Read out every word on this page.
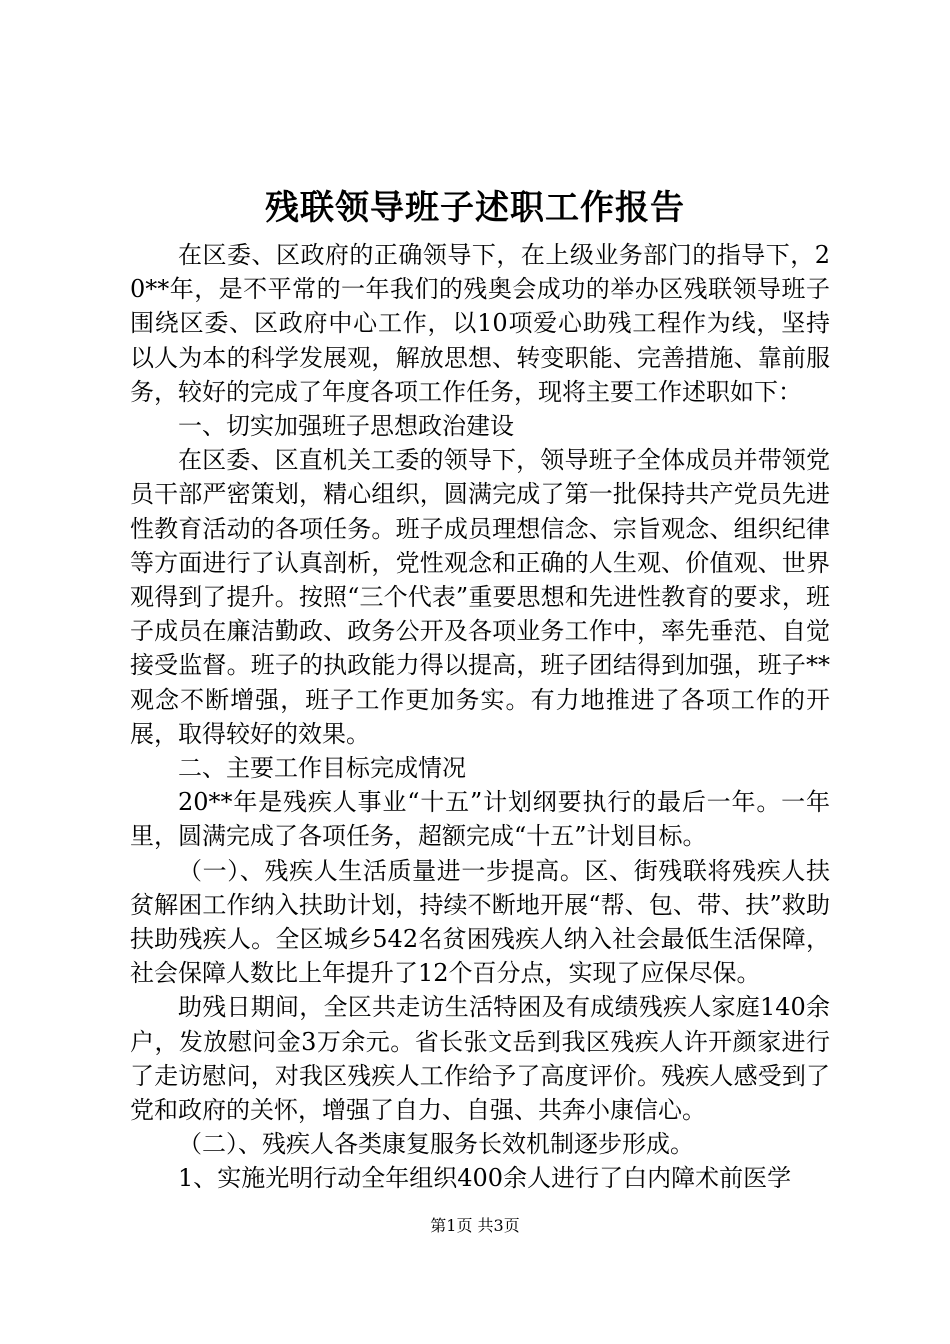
残联领导班子述职工作报告

在区委、区政府的正确领导下，在上级业务部门的指导下，20**年，是不平常的一年我们的残奥会成功的举办区残联领导班子围绕区委、区政府中心工作，以10项爱心助残工程作为线，坚持以人为本的科学发展观，解放思想、转变职能、完善措施、靠前服务，较好的完成了年度各项工作任务，现将主要工作述职如下：

一、切实加强班子思想政治建设

在区委、区直机关工委的领导下，领导班子全体成员并带领党员干部严密策划，精心组织，圆满完成了第一批保持共产党员先进性教育活动的各项任务。班子成员理想信念、宗旨观念、组织纪律等方面进行了认真剖析，党性观念和正确的人生观、价值观、世界观得到了提升。按照“三个代表”重要思想和先进性教育的要求，班子成员在廉洁勤政、政务公开及各项业务工作中，率先垂范、自觉接受监督。班子的执政能力得以提高，班子团结得到加强，班子**观念不断增强，班子工作更加务实。有力地推进了各项工作的开展，取得较好的效果。

二、主要工作目标完成情况

20**年是残疾人事业“十五”计划纲要执行的最后一年。一年里，圆满完成了各项任务，超额完成“十五”计划目标。

（一）、残疾人生活质量进一步提高。区、街残联将残疾人扶贫解困工作纳入扶助计划，持续不断地开展“帮、包、带、扶”救助扶助残疾人。全区城乡542名贫困残疾人纳入社会最低生活保障，社会保障人数比上年提升了12个百分点，实现了应保尽保。

助残日期间，全区共走访生活特困及有成绩残疾人家庭140余户，发放慰问金3万余元。省长张文岳到我区残疾人许开颜家进行了走访慰问，对我区残疾人工作给予了高度评价。残疾人感受到了党和政府的关怀，增强了自力、自强、共奔小康信心。

（二）、残疾人各类康复服务长效机制逐步形成。

1、实施光明行动全年组织400余人进行了白内障术前医学

第1页 共3页
